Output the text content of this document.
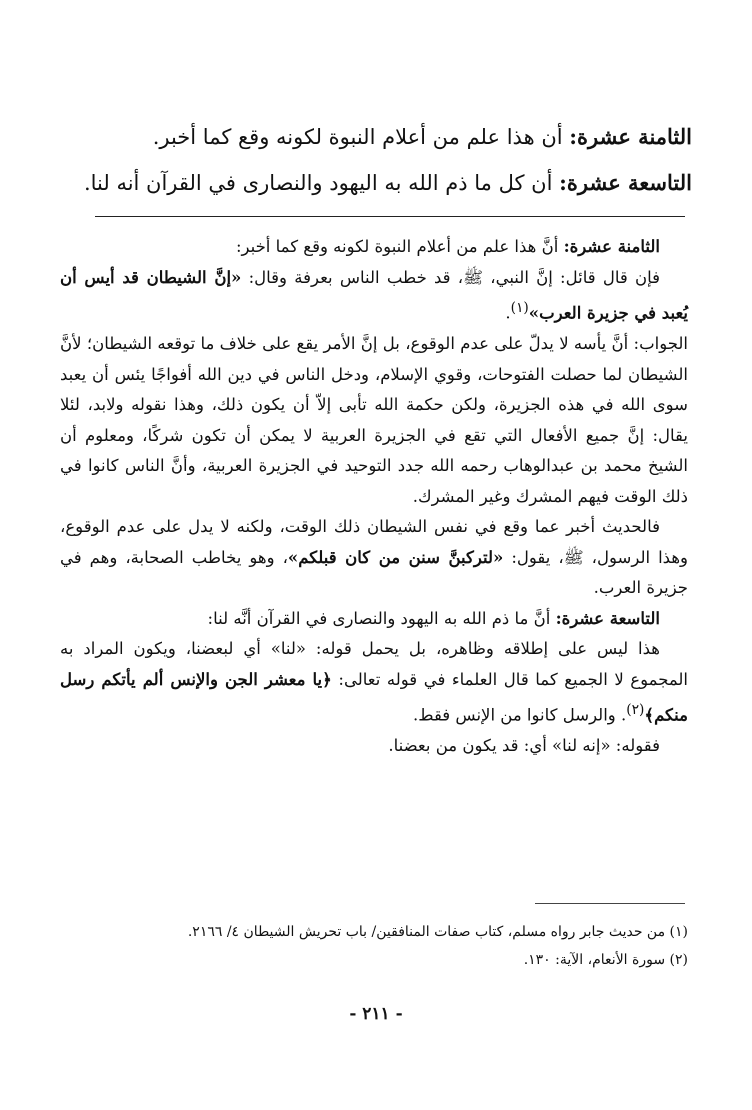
الثامنة عشرة: أن هذا علم من أعلام النبوة لكونه وقع كما أخبر.
التاسعة عشرة: أن كل ما ذم الله به اليهود والنصارى في القرآن أنه لنا.

الثامنة عشرة: أنَّ هذا علم من أعلام النبوة لكونه وقع كما أخبر:

فإن قال قائل: إنَّ النبي، ﷺ، قد خطب الناس بعرفة وقال: «إنَّ الشيطان قد أيس أن يُعبد في جزيرة العرب»$^{(١)}$.

الجواب: أنَّ يأسه لا يدلّ على عدم الوقوع، بل إنَّ الأمر يقع على خلاف ما توقعه الشيطان؛ لأنَّ الشيطان لما حصلت الفتوحات، وقوي الإسلام، ودخل الناس في دين الله أفواجًا يئس أن يعبد سوى الله في هذه الجزيرة، ولكن حكمة الله تأبى إلاّ أن يكون ذلك، وهذا نقوله ولابد، لئلا يقال: إنَّ جميع الأفعال التي تقع في الجزيرة العربية لا يمكن أن تكون شركًا، ومعلوم أن الشيخ محمد بن عبدالوهاب رحمه الله جدد التوحيد في الجزيرة العربية، وأنَّ الناس كانوا في ذلك الوقت فيهم المشرك وغير المشرك.

فالحديث أخبر عما وقع في نفس الشيطان ذلك الوقت، ولكنه لا يدل على عدم الوقوع، وهذا الرسول، ﷺ، يقول: «لتركبنَّ سنن من كان قبلكم»، وهو يخاطب الصحابة، وهم في جزيرة العرب.

التاسعة عشرة: أنَّ ما ذم الله به اليهود والنصارى في القرآن أنَّه لنا:

هذا ليس على إطلاقه وظاهره، بل يحمل قوله: «لنا» أي لبعضنا، ويكون المراد به المجموع لا الجميع كما قال العلماء في قوله تعالى: ﴿يا معشر الجن والإنس ألم يأتكم رسل منكم﴾$^{(٢)}$. والرسل كانوا من الإنس فقط.

فقوله: «إنه لنا» أي: قد يكون من بعضنا.

(١) من حديث جابر رواه مسلم، كتاب صفات المنافقين/ باب تحريش الشيطان ٤/ ٢١٦٦.
(٢) سورة الأنعام، الآية: ١٣٠.
- ٢١١ -
